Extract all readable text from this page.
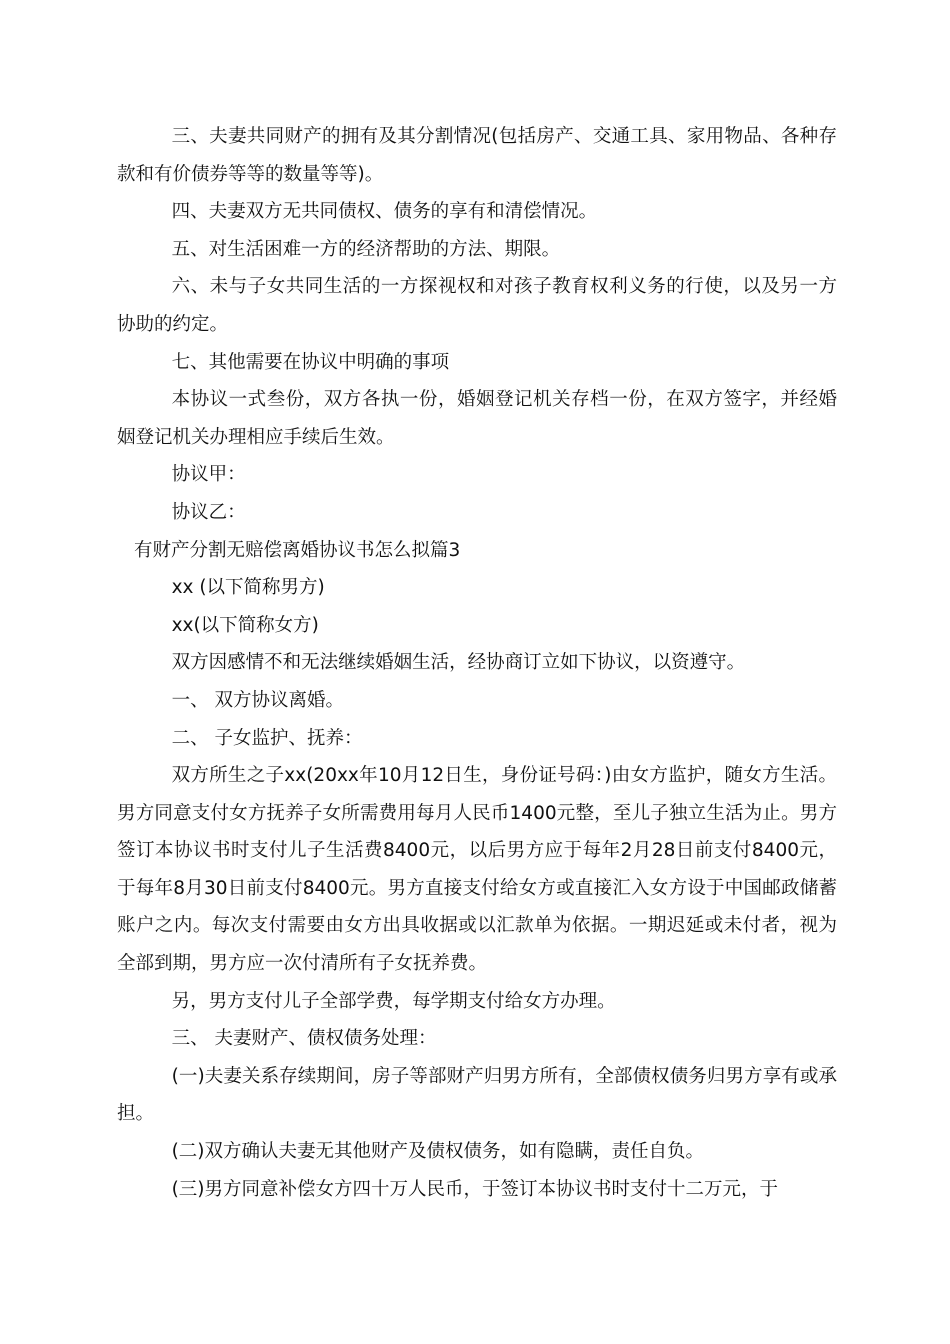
三、夫妻共同财产的拥有及其分割情况(包括房产、交通工具、家用物品、各种存款和有价债券等等的数量等等)。

四、夫妻双方无共同债权、债务的享有和清偿情况。

五、对生活困难一方的经济帮助的方法、期限。

六、未与子女共同生活的一方探视权和对孩子教育权利义务的行使，以及另一方协助的约定。

七、其他需要在协议中明确的事项

本协议一式叁份，双方各执一份，婚姻登记机关存档一份，在双方签字，并经婚姻登记机关办理相应手续后生效。

协议甲：

协议乙：

有财产分割无赔偿离婚协议书怎么拟篇3

xx (以下简称男方)

xx(以下简称女方)

双方因感情不和无法继续婚姻生活，经协商订立如下协议，以资遵守。

一、 双方协议离婚。

二、 子女监护、抚养：

双方所生之子xx(20xx年10月12日生，身份证号码：)由女方监护，随女方生活。男方同意支付女方抚养子女所需费用每月人民币1400元整，至儿子独立生活为止。男方签订本协议书时支付儿子生活费8400元，以后男方应于每年2月28日前支付8400元，于每年8月30日前支付8400元。男方直接支付给女方或直接汇入女方设于中国邮政储蓄账户之内。每次支付需要由女方出具收据或以汇款单为依据。一期迟延或未付者，视为全部到期，男方应一次付清所有子女抚养费。

另，男方支付儿子全部学费，每学期支付给女方办理。

三、 夫妻财产、债权债务处理：

(一)夫妻关系存续期间，房子等部财产归男方所有，全部债权债务归男方享有或承担。

(二)双方确认夫妻无其他财产及债权债务，如有隐瞒，责任自负。

(三)男方同意补偿女方四十万人民币，于签订本协议书时支付十二万元，于
